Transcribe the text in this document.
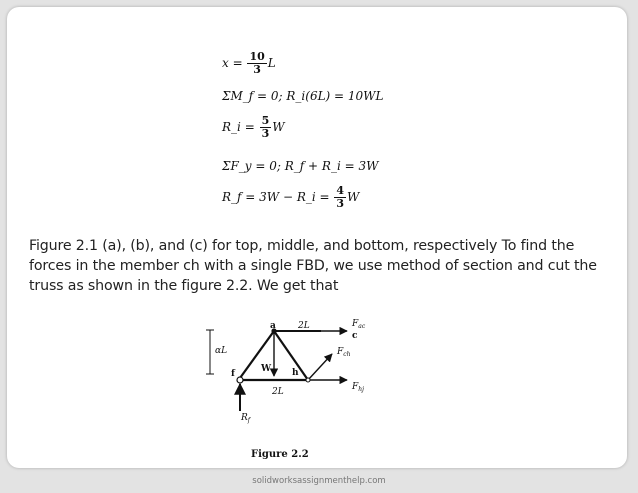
$x = \frac{10}{3}$ L
ΣM_f = 0; R_i(6L) = 10WL
R_i = $\frac{5}{3}$ W
ΣF_y = 0; R_f + R_i = 3W
R_f = 3W − R_i = $\frac{4}{3}$ W
Figure 2.1 (a), (b), and (c) for top, middle, and bottom, respectively To find the forces in the member ch with a single FBD, we use method of section and cut the truss as shown in the figure 2.2. We get that
αL
a
f	h
2L
2L
W
$F_{ac}$
c
$F_{ch}$
$F_{hj}$
$R_f$
Figure 2.2
solidworksassignmenthelp.com
